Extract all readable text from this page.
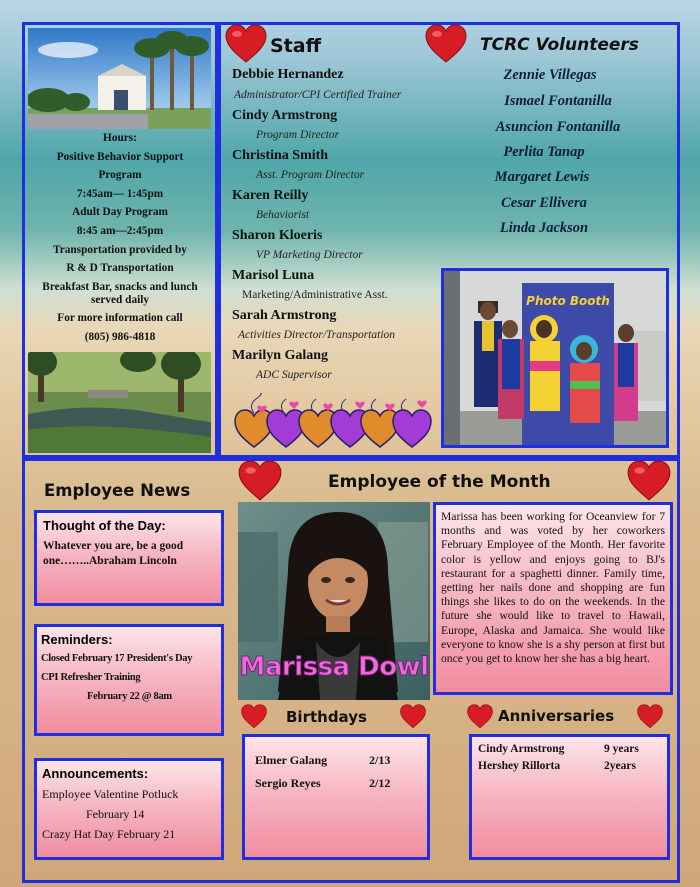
Hours:
Positive Behavior Support
Program
7:45am— 1:45pm
Adult Day Program
8:45 am—2:45pm
Transportation provided by
R & D Transportation
Breakfast Bar, snacks and lunch served daily
For more information call
(805) 986-4818
Staff	TCRC Volunteers
Debbie Hernandez
Administrator/CPI Certified Trainer
Cindy Armstrong
Program Director
Christina Smith
Asst. Program Director
Karen Reilly
Behaviorist
Sharon Kloeris
VP Marketing Director
Marisol Luna
Marketing/Administrative Asst.
Sarah Armstrong
Activities Director/Transportation
Marilyn Galang
ADC Supervisor
Zennie Villegas
Ismael Fontanilla
Asuncion Fontanilla
Perlita Tanap
Margaret Lewis
Cesar Ellivera
Linda Jackson
Photo Booth
Employee News	Employee of the Month
Thought of the Day:
Whatever you are, be a good one……..Abraham Lincoln
Reminders:
Closed February 17 President's Day
CPI Refresher Training
February 22 @ 8am
Announcements:
Employee Valentine Potluck
February 14
Crazy Hat Day February 21
Marissa Dowl
Marissa has been working for Oceanview for 7 months and was voted by her coworkers February Employee of the Month. Her favorite color is yellow and enjoys going to BJ's restaurant for a spaghetti dinner. Family time, getting her nails done and shopping are fun things she likes to do on the weekends. In the future she would like to travel to Hawaii, Europe, Alaska and Jamaica. She would like everyone to know she is a shy person at first but once you get to know her she has a big heart.
Birthdays
Elmer Galang	2/13
Sergio Reyes	2/12
Anniversaries
Cindy Armstrong	9 years
Hershey Rillorta	2years
